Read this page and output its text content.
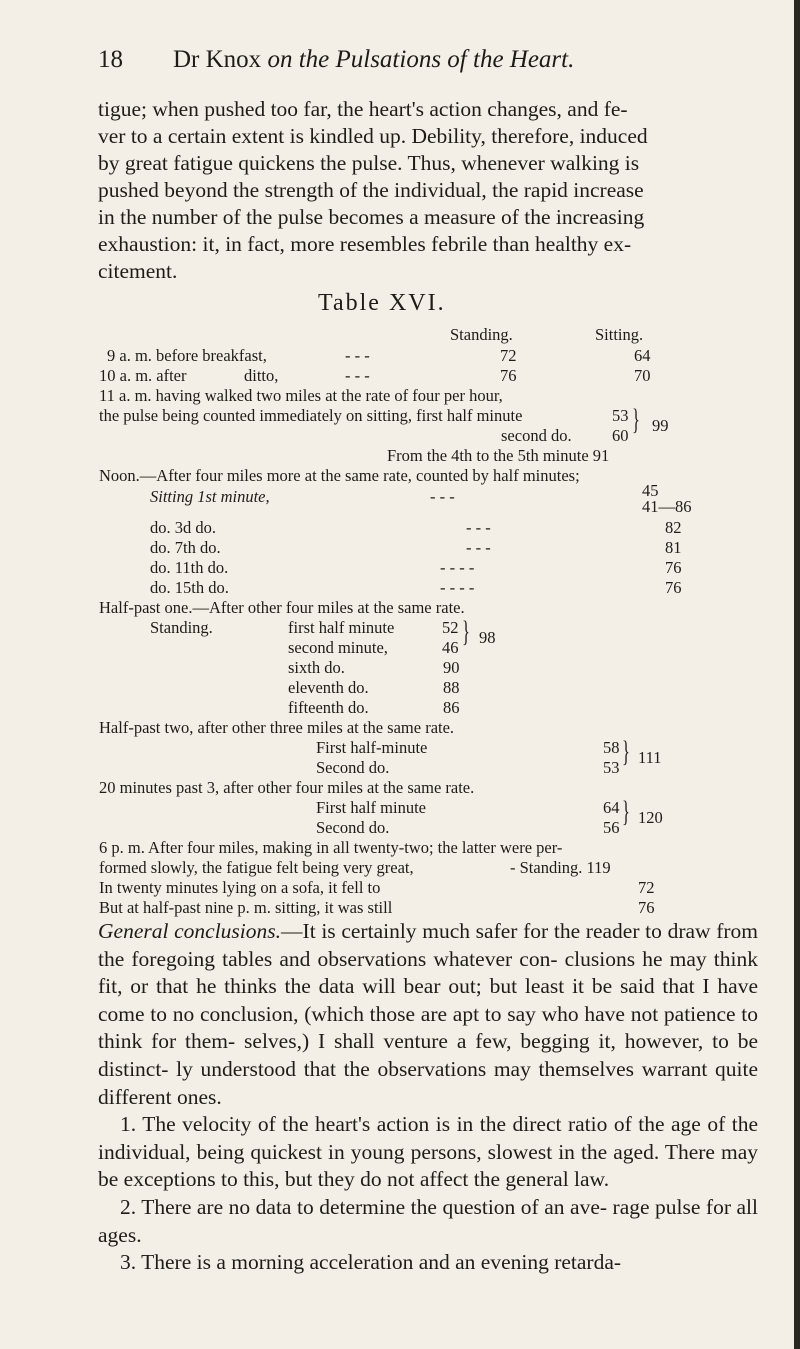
18 Dr Knox on the Pulsations of the Heart.
tigue; when pushed too far, the heart's action changes, and fe-
ver to a certain extent is kindled up. Debility, therefore, induced
by great fatigue quickens the pulse. Thus, whenever walking is
pushed beyond the strength of the individual, the rapid increase
in the number of the pulse becomes a measure of the increasing
exhaustion: it, in fact, more resembles febrile than healthy ex-
citement.
Table XVI.
Standing.	Sitting.
9 a. m. before breakfast,	- - -	72	64
10 a. m. after	ditto,	- - -	76	70
11 a. m. having walked two miles at the rate of four per hour,
the pulse being counted immediately on sitting, first half minute	53
second do. 60 } 99
From the 4th to the 5th minute 91
Noon.—After four miles more at the same rate, counted by half minutes;
Sitting 1st minute,	- - -	45
41—86
do. 3d do.	- - -	82
do. 7th do.	- - -	81
do. 11th do.	- - - -	76
do. 15th do.	- - - -	76
Half-past one.—After other four miles at the same rate.
Standing.	first half minute	52
second minute,	46 } 98
sixth do.	90
eleventh do.	88
fifteenth do.	86
Half-past two, after other three miles at the same rate.
First half-minute	58
Second do.	53 } 111
20 minutes past 3, after other four miles at the same rate.
First half minute	64
Second do.	56 } 120
6 p. m. After four miles, making in all twenty-two; the latter were per-
formed slowly, the fatigue felt being very great,	- Standing. 119
In twenty minutes lying on a sofa, it fell to	72
But at half-past nine p. m. sitting, it was still	76

General conclusions.—It is certainly much safer for the reader to draw from the foregoing tables and observations whatever con- clusions he may think fit, or that he thinks the data will bear out; but least it be said that I have come to no conclusion, (which those are apt to say who have not patience to think for them- selves,) I shall venture a few, begging it, however, to be distinct- ly understood that the observations may themselves warrant quite different ones.

1. The velocity of the heart's action is in the direct ratio of the age of the individual, being quickest in young persons, slowest in the aged. There may be exceptions to this, but they do not affect the general law.

2. There are no data to determine the question of an ave- rage pulse for all ages.

3. There is a morning acceleration and an evening retarda-
